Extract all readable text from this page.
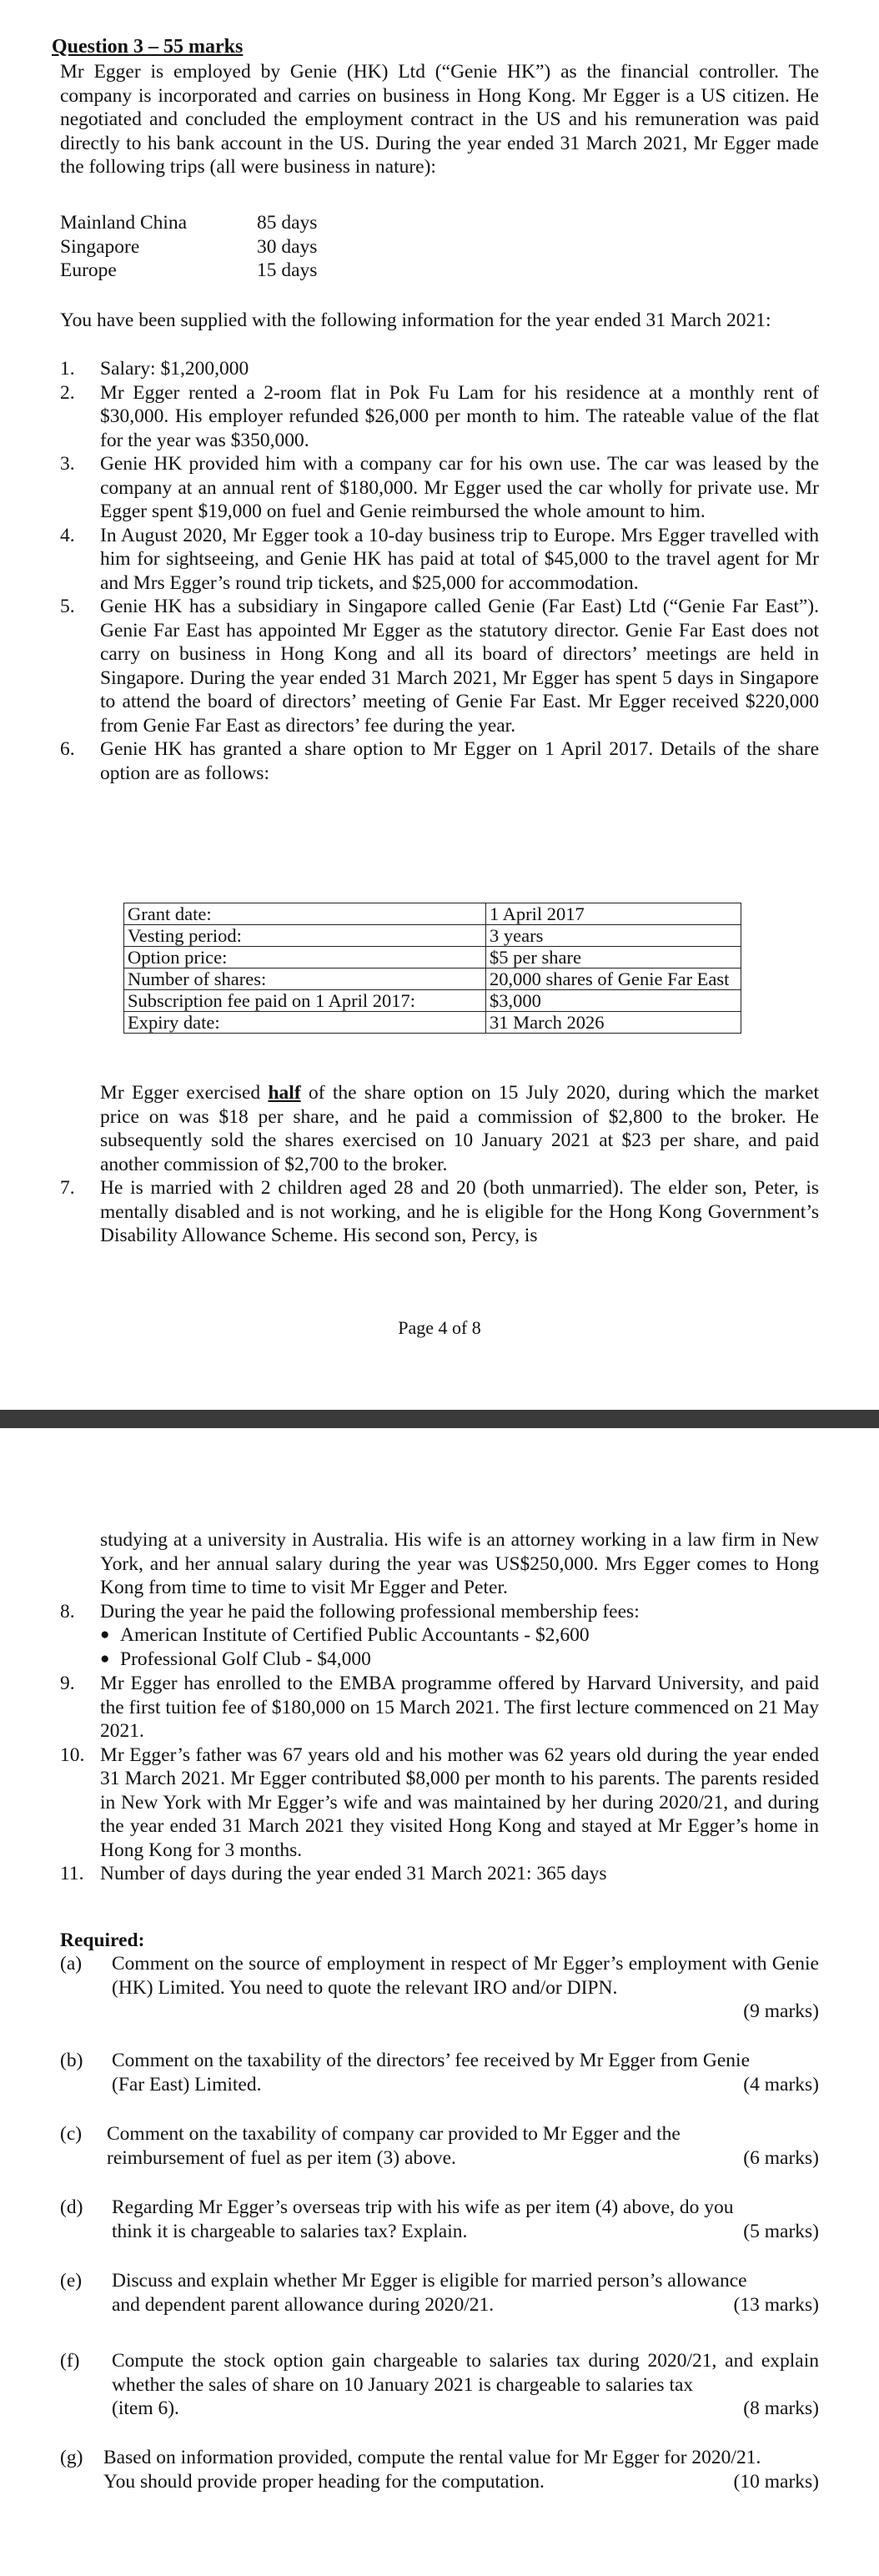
Question 3 – 55 marks

Mr Egger is employed by Genie (HK) Ltd (“Genie HK”) as the financial controller. The company is incorporated and carries on business in Hong Kong. Mr Egger is a US citizen. He negotiated and concluded the employment contract in the US and his remuneration was paid directly to his bank account in the US. During the year ended 31 March 2021, Mr Egger made the following trips (all were business in nature):

Mainland China	85 days
Singapore	30 days
Europe	15 days

You have been supplied with the following information for the year ended 31 March 2021:

1.	Salary: $1,200,000
2.	Mr Egger rented a 2-room flat in Pok Fu Lam for his residence at a monthly rent of $30,000. His employer refunded $26,000 per month to him. The rateable value of the flat for the year was $350,000.
3.	Genie HK provided him with a company car for his own use. The car was leased by the company at an annual rent of $180,000. Mr Egger used the car wholly for private use. Mr Egger spent $19,000 on fuel and Genie reimbursed the whole amount to him.
4.	In August 2020, Mr Egger took a 10-day business trip to Europe. Mrs Egger travelled with him for sightseeing, and Genie HK has paid at total of $45,000 to the travel agent for Mr and Mrs Egger’s round trip tickets, and $25,000 for accommodation.
5.	Genie HK has a subsidiary in Singapore called Genie (Far East) Ltd (“Genie Far East”). Genie Far East has appointed Mr Egger as the statutory director. Genie Far East does not carry on business in Hong Kong and all its board of directors’ meetings are held in Singapore. During the year ended 31 March 2021, Mr Egger has spent 5 days in Singapore to attend the board of directors’ meeting of Genie Far East. Mr Egger received $220,000 from Genie Far East as directors’ fee during the year.
6.	Genie HK has granted a share option to Mr Egger on 1 April 2017. Details of the share option are as follows:
Grant date:	1 April 2017
Vesting period:	3 years
Option price:	$5 per share
Number of shares:	20,000 shares of Genie Far East
Subscription fee paid on 1 April 2017:	$3,000
Expiry date:	31 March 2026

Mr Egger exercised half of the share option on 15 July 2020, during which the market price on was $18 per share, and he paid a commission of $2,800 to the broker. He subsequently sold the shares exercised on 10 January 2021 at $23 per share, and paid another commission of $2,700 to the broker.

7.	He is married with 2 children aged 28 and 20 (both unmarried). The elder son, Peter, is mentally disabled and is not working, and he is eligible for the Hong Kong Government’s Disability Allowance Scheme. His second son, Percy, is
Page 4 of 8

studying at a university in Australia. His wife is an attorney working in a law firm in New York, and her annual salary during the year was US$250,000. Mrs Egger comes to Hong Kong from time to time to visit Mr Egger and Peter.

8.	During the year he paid the following professional membership fees:
● American Institute of Certified Public Accountants - $2,600
● Professional Golf Club - $4,000
9.	Mr Egger has enrolled to the EMBA programme offered by Harvard University, and paid the first tuition fee of $180,000 on 15 March 2021. The first lecture commenced on 21 May 2021.
10. Mr Egger’s father was 67 years old and his mother was 62 years old during the year ended 31 March 2021. Mr Egger contributed $8,000 per month to his parents. The parents resided in New York with Mr Egger’s wife and was maintained by her during 2020/21, and during the year ended 31 March 2021 they visited Hong Kong and stayed at Mr Egger’s home in Hong Kong for 3 months.
11. Number of days during the year ended 31 March 2021: 365 days
Required:
(a) Comment on the source of employment in respect of Mr Egger’s employment with Genie (HK) Limited. You need to quote the relevant IRO and/or DIPN.
(9 marks)
(b) Comment on the taxability of the directors’ fee received by Mr Egger from Genie
(Far East) Limited.	(4 marks)
(c) Comment on the taxability of company car provided to Mr Egger and the
reimbursement of fuel as per item (3) above.	(6 marks)
(d) Regarding Mr Egger’s overseas trip with his wife as per item (4) above, do you
think it is chargeable to salaries tax? Explain.	(5 marks)
(e) Discuss and explain whether Mr Egger is eligible for married person’s allowance
and dependent parent allowance during 2020/21.	(13 marks)
(f) Compute the stock option gain chargeable to salaries tax during 2020/21, and explain whether the sales of share on 10 January 2021 is chargeable to salaries tax
(item 6).	(8 marks)
(g) Based on information provided, compute the rental value for Mr Egger for 2020/21.
You should provide proper heading for the computation.	(10 marks)
